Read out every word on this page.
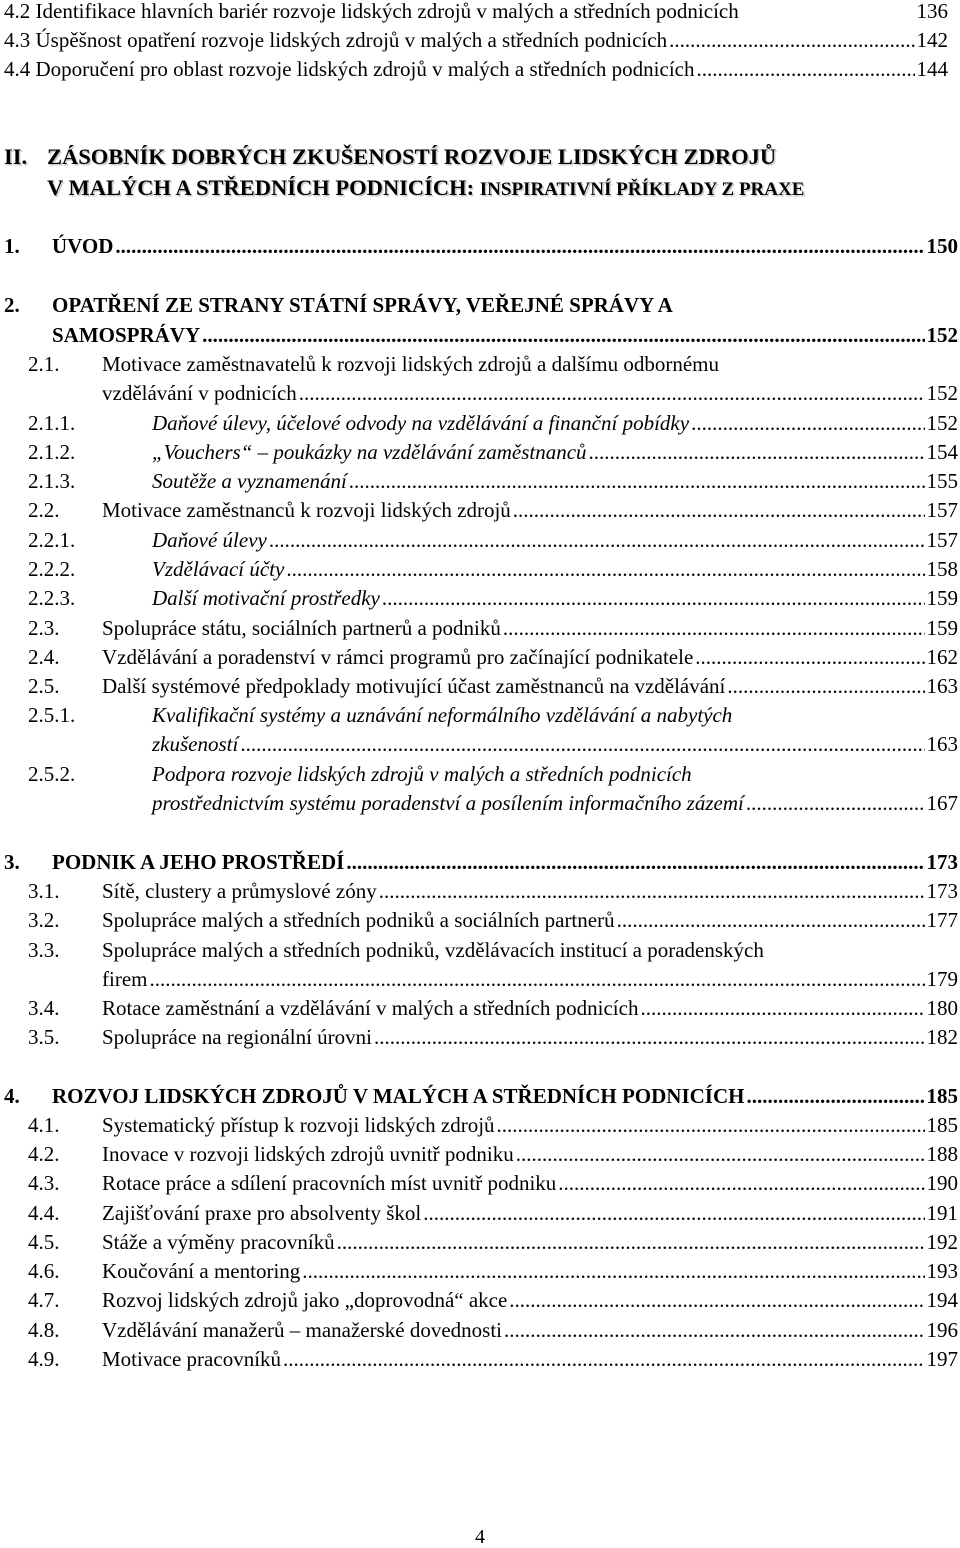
4.2 Identifikace hlavních bariér rozvoje lidských zdrojů v malých a středních podnicích	136
4.3 Úspěšnost opatření rozvoje lidských zdrojů v malých a středních podnicích .....	142
4.4 Doporučení pro oblast rozvoje lidských zdrojů v malých a středních podnicích .....	144
II. ZÁSOBNÍK DOBRÝCH ZKUŠENOSTÍ ROZVOJE LIDSKÝCH ZDROJŮ
V MALÝCH A STŘEDNÍCH PODNICÍCH: INSPIRATIVNÍ PŘÍKLADY Z PRAXE
1. ÚVOD .....	150
2. OPATŘENÍ ZE STRANY STÁTNÍ SPRÁVY, VEŘEJNÉ SPRÁVY A
SAMOSPRÁVY .....	152
2.1. Motivace zaměstnavatelů k rozvoji lidských zdrojů a dalšímu odbornému
vzdělávání v podnicích .....	152
2.1.1.	Daňové úlevy, účelové odvody na vzdělávání a finanční pobídky .....	152
2.1.2.	„Vouchers“ – poukázky na vzdělávání zaměstnanců .....	154
2.1.3.	Soutěže a vyznamenání .....	155
2.2. Motivace zaměstnanců k rozvoji lidských zdrojů .....	157
2.2.1.	Daňové úlevy .....	157
2.2.2.	Vzdělávací účty .....	158
2.2.3.	Další motivační prostředky .....	159
2.3. Spolupráce státu, sociálních partnerů a podniků .....	159
2.4. Vzdělávání a poradenství v rámci programů pro začínající podnikatele .....	162
2.5. Další systémové předpoklady motivující účast zaměstnanců na vzdělávání .....	163
2.5.1.	Kvalifikační systémy a uznávání neformálního vzdělávání a nabytých
zkušeností .....	163
2.5.2.	Podpora rozvoje lidských zdrojů v malých a středních podnicích
prostřednictvím systému poradenství a posílením informačního zázemí .....	167
3. PODNIK A JEHO PROSTŘEDÍ .....	173
3.1. Sítě, clustery a průmyslové zóny .....	173
3.2. Spolupráce malých a středních podniků a sociálních partnerů .....	177
3.3. Spolupráce malých a středních podniků, vzdělávacích institucí a poradenských
firem .....	179
3.4. Rotace zaměstnání a vzdělávání v malých a středních podnicích .....	180
3.5. Spolupráce na regionální úrovni .....	182
4. ROZVOJ LIDSKÝCH ZDROJŮ V MALÝCH A STŘEDNÍCH PODNICÍCH .....	185
4.1. Systematický přístup k rozvoji lidských zdrojů .....	185
4.2. Inovace v rozvoji lidských zdrojů uvnitř podniku .....	188
4.3. Rotace práce a sdílení pracovních míst uvnitř podniku .....	190
4.4. Zajišťování praxe pro absolventy škol .....	191
4.5. Stáže a výměny pracovníků .....	192
4.6. Koučování a mentoring .....	193
4.7. Rozvoj lidských zdrojů jako „doprovodná“ akce .....	194
4.8. Vzdělávání manažerů – manažerské dovednosti .....	196
4.9. Motivace pracovníků .....	197
4
